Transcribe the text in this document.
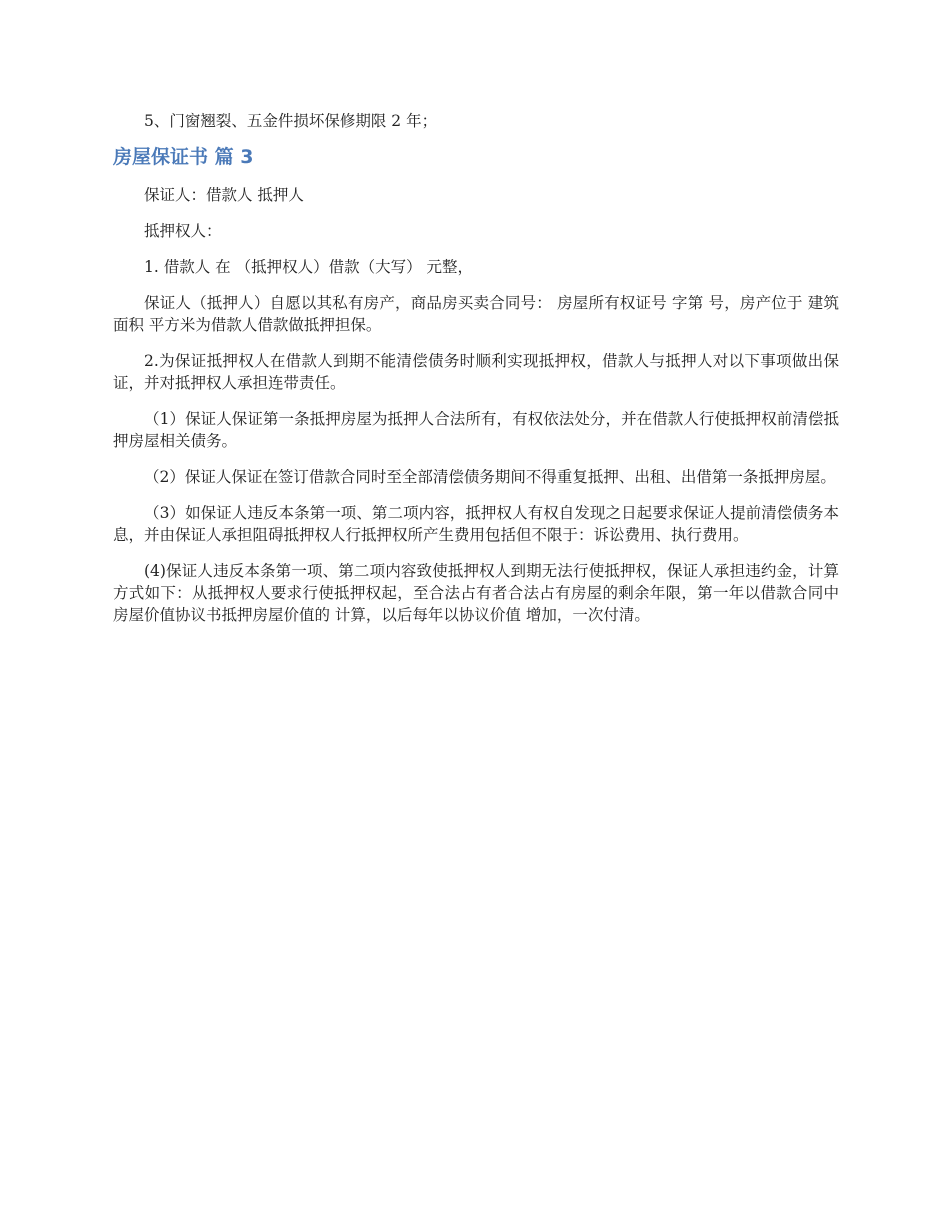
5、门窗翘裂、五金件损坏保修期限 2 年；

房屋保证书 篇 3

保证人：借款人 抵押人

抵押权人：

1. 借款人 在 （抵押权人）借款（大写） 元整，

保证人（抵押人）自愿以其私有房产，商品房买卖合同号： 房屋所有权证号 字第 号，房产位于 建筑面积 平方米为借款人借款做抵押担保。

2.为保证抵押权人在借款人到期不能清偿债务时顺利实现抵押权，借款人与抵押人对以下事项做出保证，并对抵押权人承担连带责任。

（1）保证人保证第一条抵押房屋为抵押人合法所有，有权依法处分，并在借款人行使抵押权前清偿抵押房屋相关债务。

（2）保证人保证在签订借款合同时至全部清偿债务期间不得重复抵押、出租、出借第一条抵押房屋。

（3）如保证人违反本条第一项、第二项内容，抵押权人有权自发现之日起要求保证人提前清偿债务本息，并由保证人承担阻碍抵押权人行抵押权所产生费用包括但不限于：诉讼费用、执行费用。

(4)保证人违反本条第一项、第二项内容致使抵押权人到期无法行使抵押权，保证人承担违约金，计算方式如下：从抵押权人要求行使抵押权起，至合法占有者合法占有房屋的剩余年限，第一年以借款合同中房屋价值协议书抵押房屋价值的 计算，以后每年以协议价值 增加，一次付清。
